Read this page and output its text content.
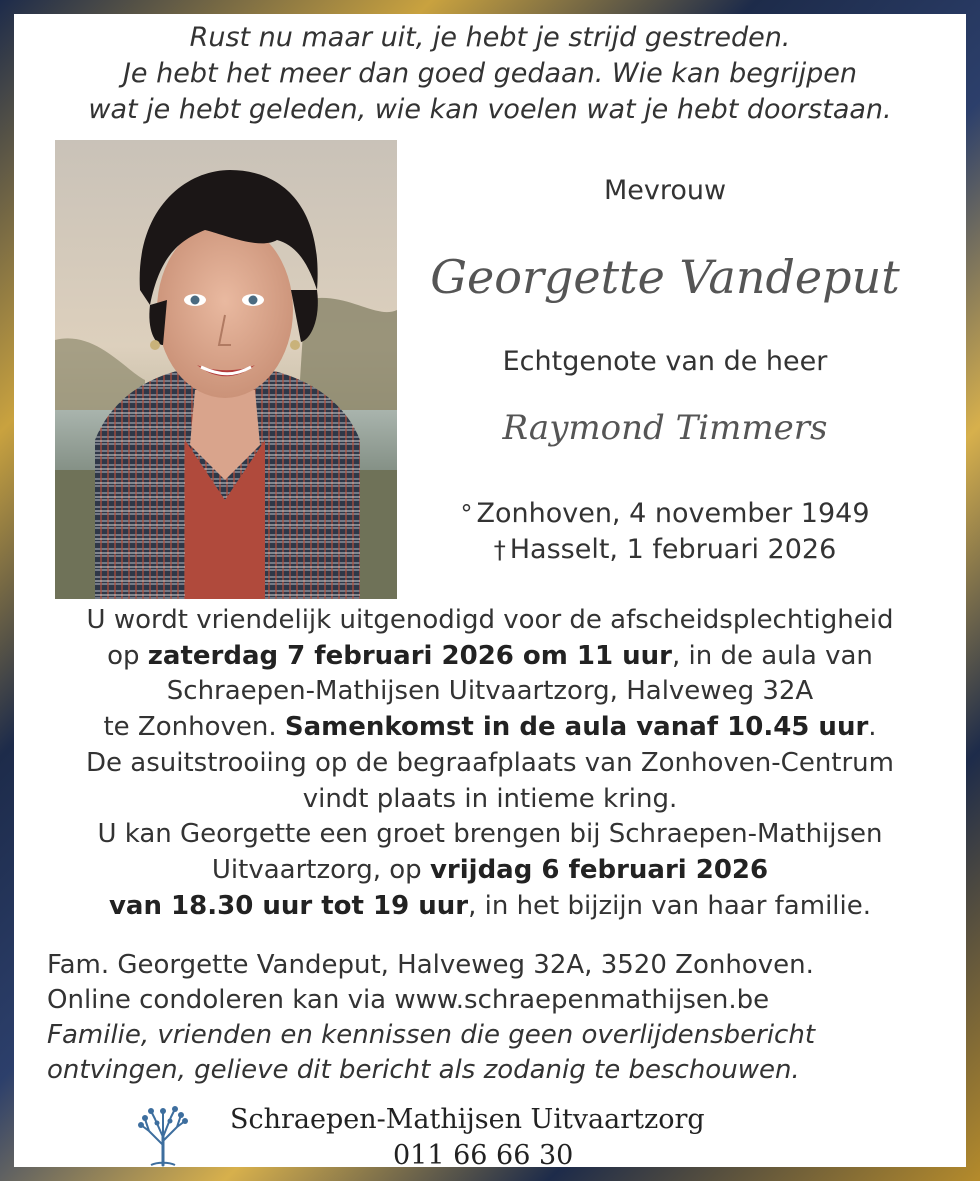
Rust nu maar uit, je hebt je strijd gestreden.
Je hebt het meer dan goed gedaan. Wie kan begrijpen
wat je hebt geleden, wie kan voelen wat je hebt doorstaan.
Mevrouw
Georgette Vandeput
Echtgenote van de heer
Raymond Timmers
° Zonhoven, 4 november 1949
† Hasselt, 1 februari 2026
U wordt vriendelijk uitgenodigd voor de afscheidsplechtigheid
op zaterdag 7 februari 2026 om 11 uur, in de aula van
Schraepen-Mathijsen Uitvaartzorg, Halveweg 32A
te Zonhoven. Samenkomst in de aula vanaf 10.45 uur.
De asuitstrooiing op de begraafplaats van Zonhoven-Centrum
vindt plaats in intieme kring.
U kan Georgette een groet brengen bij Schraepen-Mathijsen
Uitvaartzorg, op vrijdag 6 februari 2026
van 18.30 uur tot 19 uur, in het bijzijn van haar familie.
Fam. Georgette Vandeput, Halveweg 32A, 3520 Zonhoven.
Online condoleren kan via www.schraepenmathijsen.be
Familie, vrienden en kennissen die geen overlijdensbericht
ontvingen, gelieve dit bericht als zodanig te beschouwen.
Schraepen-Mathijsen Uitvaartzorg
011 66 66 30
